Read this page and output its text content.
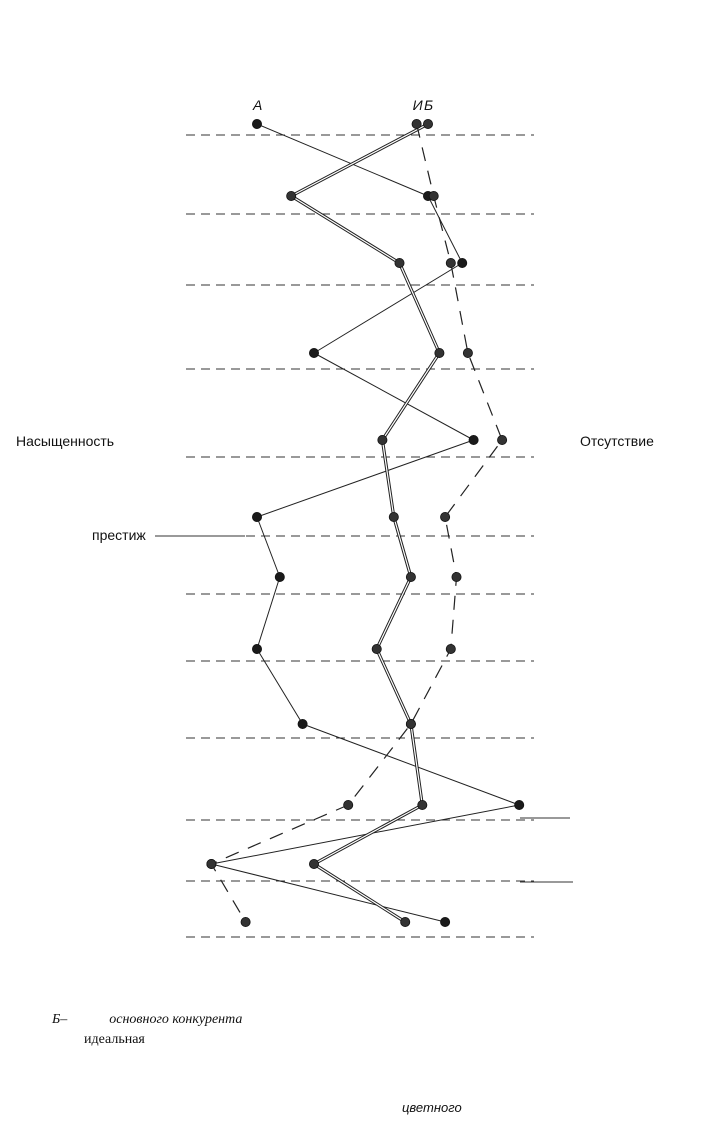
А	Б
И
Насыщенность	Отсутствие
престиж
Б–            основного конкурента
идеальная
цветного
